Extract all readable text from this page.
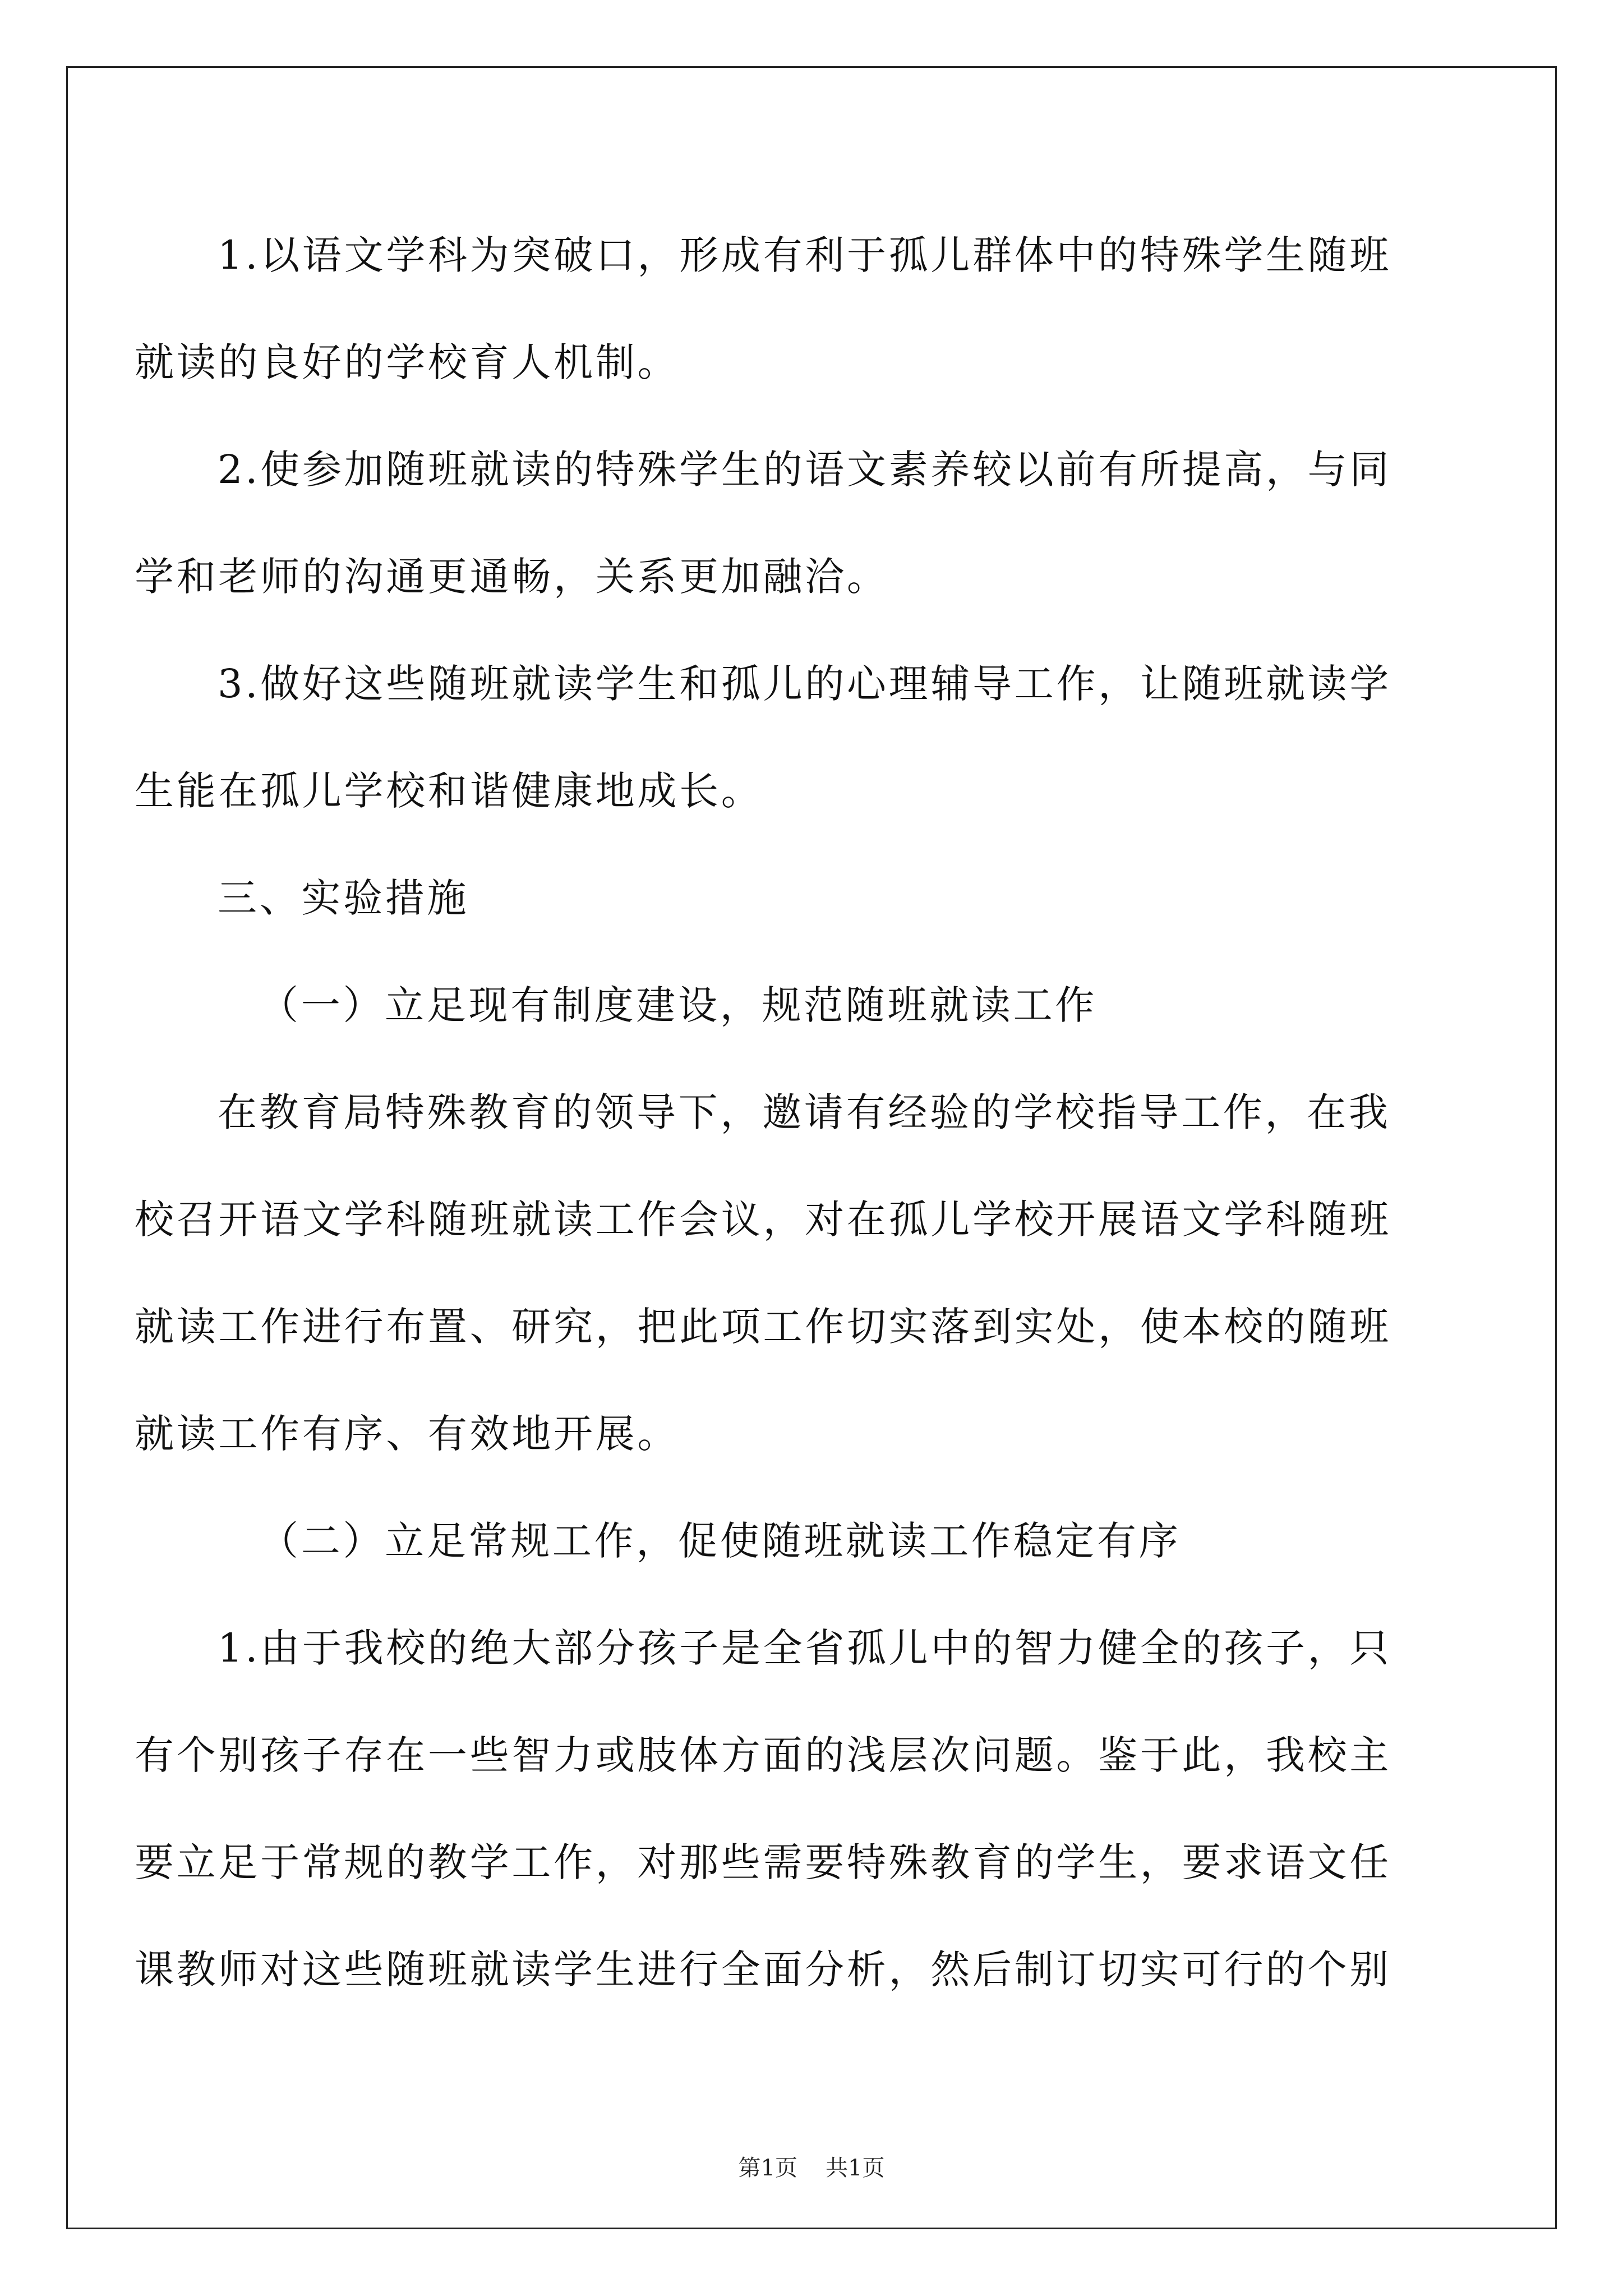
1.以语文学科为突破口，形成有利于孤儿群体中的特殊学生随班
就读的良好的学校育人机制。
2.使参加随班就读的特殊学生的语文素养较以前有所提高，与同
学和老师的沟通更通畅，关系更加融洽。
3.做好这些随班就读学生和孤儿的心理辅导工作，让随班就读学
生能在孤儿学校和谐健康地成长。
三、实验措施
（一）立足现有制度建设，规范随班就读工作
在教育局特殊教育的领导下，邀请有经验的学校指导工作，在我
校召开语文学科随班就读工作会议，对在孤儿学校开展语文学科随班
就读工作进行布置、研究，把此项工作切实落到实处，使本校的随班
就读工作有序、有效地开展。
（二）立足常规工作，促使随班就读工作稳定有序
1.由于我校的绝大部分孩子是全省孤儿中的智力健全的孩子，只
有个别孩子存在一些智力或肢体方面的浅层次问题。鉴于此，我校主
要立足于常规的教学工作，对那些需要特殊教育的学生，要求语文任
课教师对这些随班就读学生进行全面分析，然后制订切实可行的个别
第1页 共1页
